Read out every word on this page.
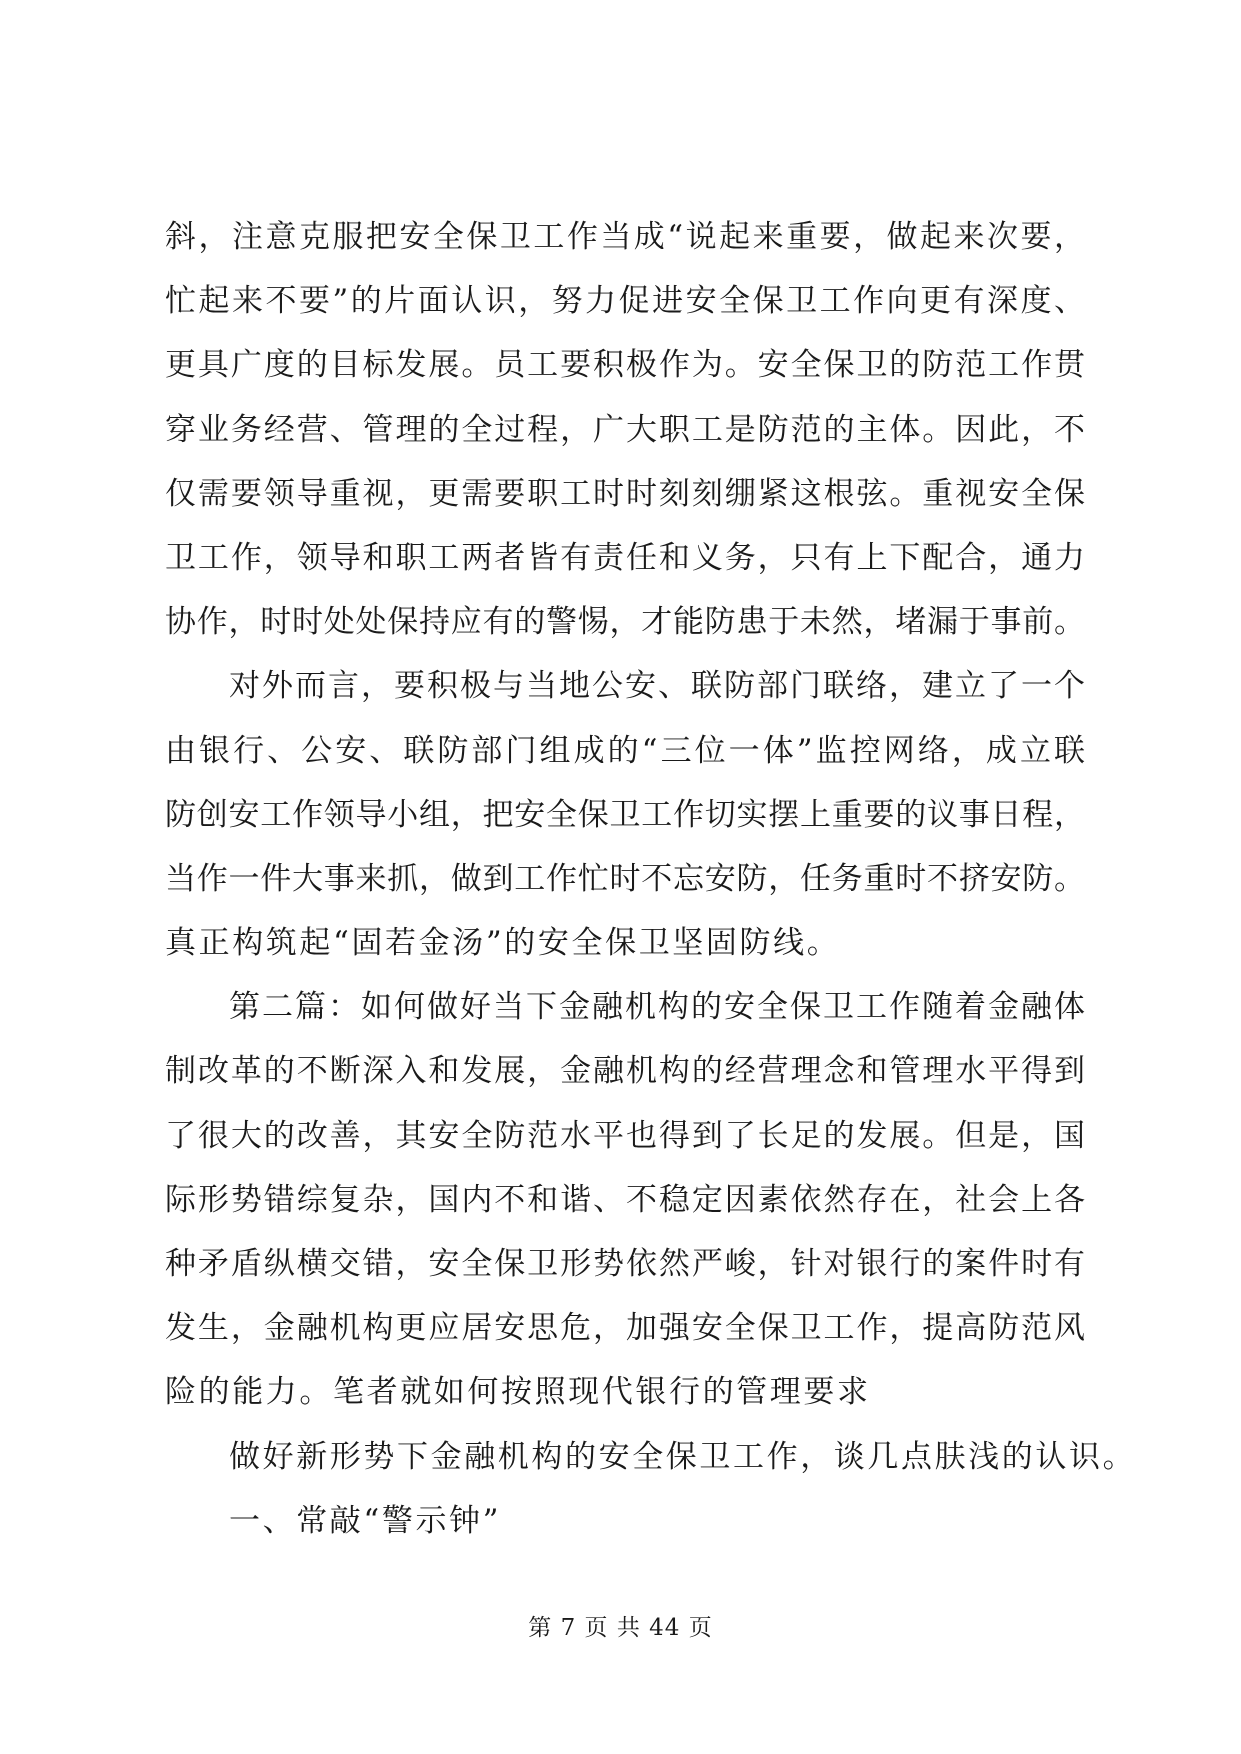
斜，注意克服把安全保卫工作当成“说起来重要，做起来次要，
忙起来不要”的片面认识，努力促进安全保卫工作向更有深度、
更具广度的目标发展。员工要积极作为。安全保卫的防范工作贯
穿业务经营、管理的全过程，广大职工是防范的主体。因此，不
仅需要领导重视，更需要职工时时刻刻绷紧这根弦。重视安全保
卫工作，领导和职工两者皆有责任和义务，只有上下配合，通力
协作，时时处处保持应有的警惕，才能防患于未然，堵漏于事前。
对外而言，要积极与当地公安、联防部门联络，建立了一个
由银行、公安、联防部门组成的“三位一体”监控网络，成立联
防创安工作领导小组，把安全保卫工作切实摆上重要的议事日程，
当作一件大事来抓，做到工作忙时不忘安防，任务重时不挤安防。
真正构筑起“固若金汤”的安全保卫坚固防线。
第二篇：如何做好当下金融机构的安全保卫工作随着金融体
制改革的不断深入和发展，金融机构的经营理念和管理水平得到
了很大的改善，其安全防范水平也得到了长足的发展。但是，国
际形势错综复杂，国内不和谐、不稳定因素依然存在，社会上各
种矛盾纵横交错，安全保卫形势依然严峻，针对银行的案件时有
发生，金融机构更应居安思危，加强安全保卫工作，提高防范风
险的能力。笔者就如何按照现代银行的管理要求
做好新形势下金融机构的安全保卫工作，谈几点肤浅的认识。
一、常敲“警示钟”
第 7 页 共 44 页
